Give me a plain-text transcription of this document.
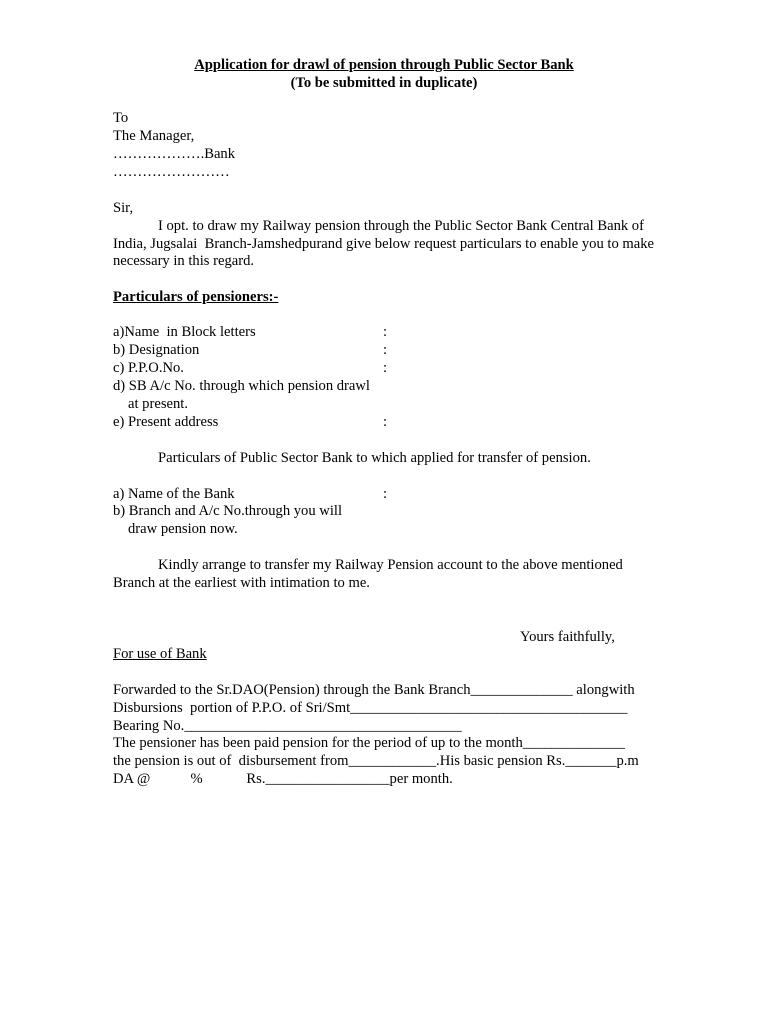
Application for drawl of pension through Public Sector Bank
(To be submitted in duplicate)
To
The Manager,
……………….Bank
……………………
Sir,
I opt. to draw my Railway pension through the Public Sector Bank Central Bank of
India, Jugsalai  Branch-Jamshedpurand give below request particulars to enable you to make
necessary in this regard.
Particulars of pensioners:-
a)Name  in Block letters	:
b) Designation	:
c) P.P.O.No.	:
d) SB A/c No. through which pension drawl
at present.
e) Present address	:
Particulars of Public Sector Bank to which applied for transfer of pension.
a) Name of the Bank	:
b) Branch and A/c No.through you will
draw pension now.
Kindly arrange to transfer my Railway Pension account to the above mentioned
Branch at the earliest with intimation to me.
Yours faithfully,
For use of Bank
Forwarded to the Sr.DAO(Pension) through the Bank Branch______________ alongwith
Disbursions  portion of P.P.O. of Sri/Smt______________________________________
Bearing No.______________________________________
The pensioner has been paid pension for the period of up to the month______________
the pension is out of  disbursement from____________.His basic pension Rs._______p.m
DA @           %            Rs._________________per month.
